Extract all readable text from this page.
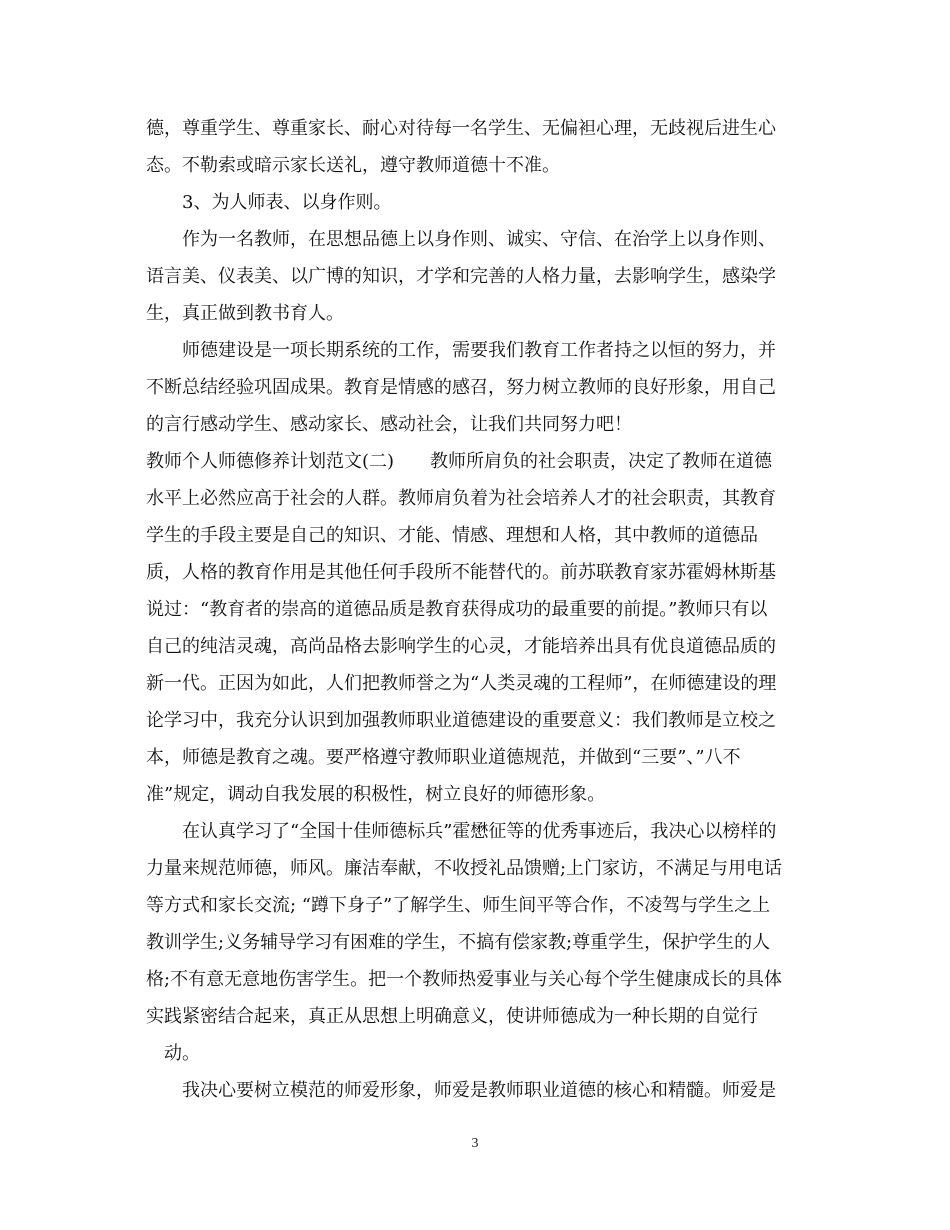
德，尊重学生、尊重家长、耐心对待每一名学生、无偏袒心理，无歧视后进生心
态。不勒索或暗示家长送礼，遵守教师道德十不准。
3、为人师表、以身作则。
作为一名教师，在思想品德上以身作则、诚实、守信、在治学上以身作则、
语言美、仪表美、以广博的知识，才学和完善的人格力量，去影响学生，感染学
生，真正做到教书育人。
师德建设是一项长期系统的工作，需要我们教育工作者持之以恒的努力，并
不断总结经验巩固成果。教育是情感的感召，努力树立教师的良好形象，用自己
的言行感动学生、感动家长、感动社会，让我们共同努力吧！
教师个人师德修养计划范文(二)　　教师所肩负的社会职责，决定了教师在道德
水平上必然应高于社会的人群。教师肩负着为社会培养人才的社会职责，其教育
学生的手段主要是自己的知识、才能、情感、理想和人格，其中教师的道德品
质，人格的教育作用是其他任何手段所不能替代的。前苏联教育家苏霍姆林斯基
说过：“教育者的崇高的道德品质是教育获得成功的最重要的前提。”教师只有以
自己的纯洁灵魂，高尚品格去影响学生的心灵，才能培养出具有优良道德品质的
新一代。正因为如此，人们把教师誉之为“人类灵魂的工程师”，在师德建设的理
论学习中，我充分认识到加强教师职业道德建设的重要意义：我们教师是立校之
本，师德是教育之魂。要严格遵守教师职业道德规范，并做到“三要”、”八不
准”规定，调动自我发展的积极性，树立良好的师德形象。
在认真学习了“全国十佳师德标兵”霍懋征等的优秀事迹后，我决心以榜样的
力量来规范师德，师风。廉洁奉献，不收授礼品馈赠;上门家访，不满足与用电话
等方式和家长交流; “蹲下身子”了解学生、师生间平等合作，不凌驾与学生之上
教训学生;义务辅导学习有困难的学生，不搞有偿家教;尊重学生，保护学生的人
格;不有意无意地伤害学生。把一个教师热爱事业与关心每个学生健康成长的具体
实践紧密结合起来，真正从思想上明确意义，使讲师德成为一种长期的自觉行
动。
我决心要树立模范的师爱形象，师爱是教师职业道德的核心和精髓。师爱是
3
